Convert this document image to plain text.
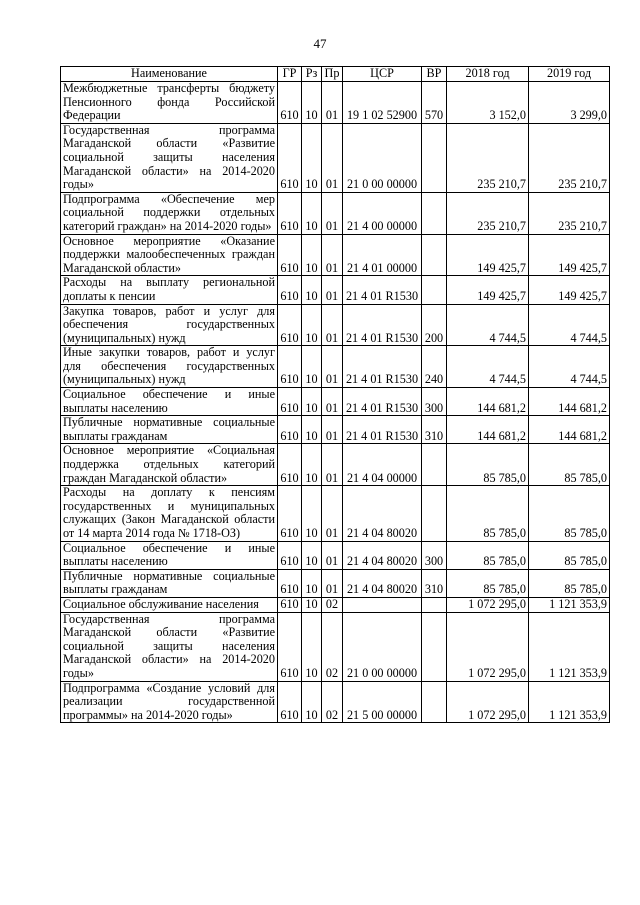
47
Наименование	ГР	Рз	Пр	ЦСР	ВР	2018 год	2019 год
Межбюджетные трансферты бюджету Пенсионного фонда Российской Федерации	610	10	01	19 1 02 52900	570	3 152,0	3 299,0
Государственная программа Магаданской области «Развитие социальной защиты населения Магаданской области» на 2014-2020 годы»	610	10	01	21 0 00 00000		235 210,7	235 210,7
Подпрограмма «Обеспечение мер социальной поддержки отдельных категорий граждан» на 2014-2020 годы»	610	10	01	21 4 00 00000		235 210,7	235 210,7
Основное мероприятие «Оказание поддержки малообеспеченных граждан Магаданской области»	610	10	01	21 4 01 00000		149 425,7	149 425,7
Расходы на выплату региональной доплаты к пенсии	610	10	01	21 4 01 R1530		149 425,7	149 425,7
Закупка товаров, работ и услуг для обеспечения государственных (муниципальных) нужд	610	10	01	21 4 01 R1530	200	4 744,5	4 744,5
Иные закупки товаров, работ и услуг для обеспечения государственных (муниципальных) нужд	610	10	01	21 4 01 R1530	240	4 744,5	4 744,5
Социальное обеспечение и иные выплаты населению	610	10	01	21 4 01 R1530	300	144 681,2	144 681,2
Публичные нормативные социальные выплаты гражданам	610	10	01	21 4 01 R1530	310	144 681,2	144 681,2
Основное мероприятие «Социальная поддержка отдельных категорий граждан Магаданской области»	610	10	01	21 4 04 00000		85 785,0	85 785,0
Расходы на доплату к пенсиям государственных и муниципальных служащих (Закон Магаданской области от 14 марта 2014 года № 1718-ОЗ)	610	10	01	21 4 04 80020		85 785,0	85 785,0
Социальное обеспечение и иные выплаты населению	610	10	01	21 4 04 80020	300	85 785,0	85 785,0
Публичные нормативные социальные выплаты гражданам	610	10	01	21 4 04 80020	310	85 785,0	85 785,0
Социальное обслуживание населения	610	10	02			1 072 295,0	1 121 353,9
Государственная программа Магаданской области «Развитие социальной защиты населения Магаданской области» на 2014-2020 годы»	610	10	02	21 0 00 00000		1 072 295,0	1 121 353,9
Подпрограмма «Создание условий для реализации государственной программы» на 2014-2020 годы»	610	10	02	21 5 00 00000		1 072 295,0	1 121 353,9
